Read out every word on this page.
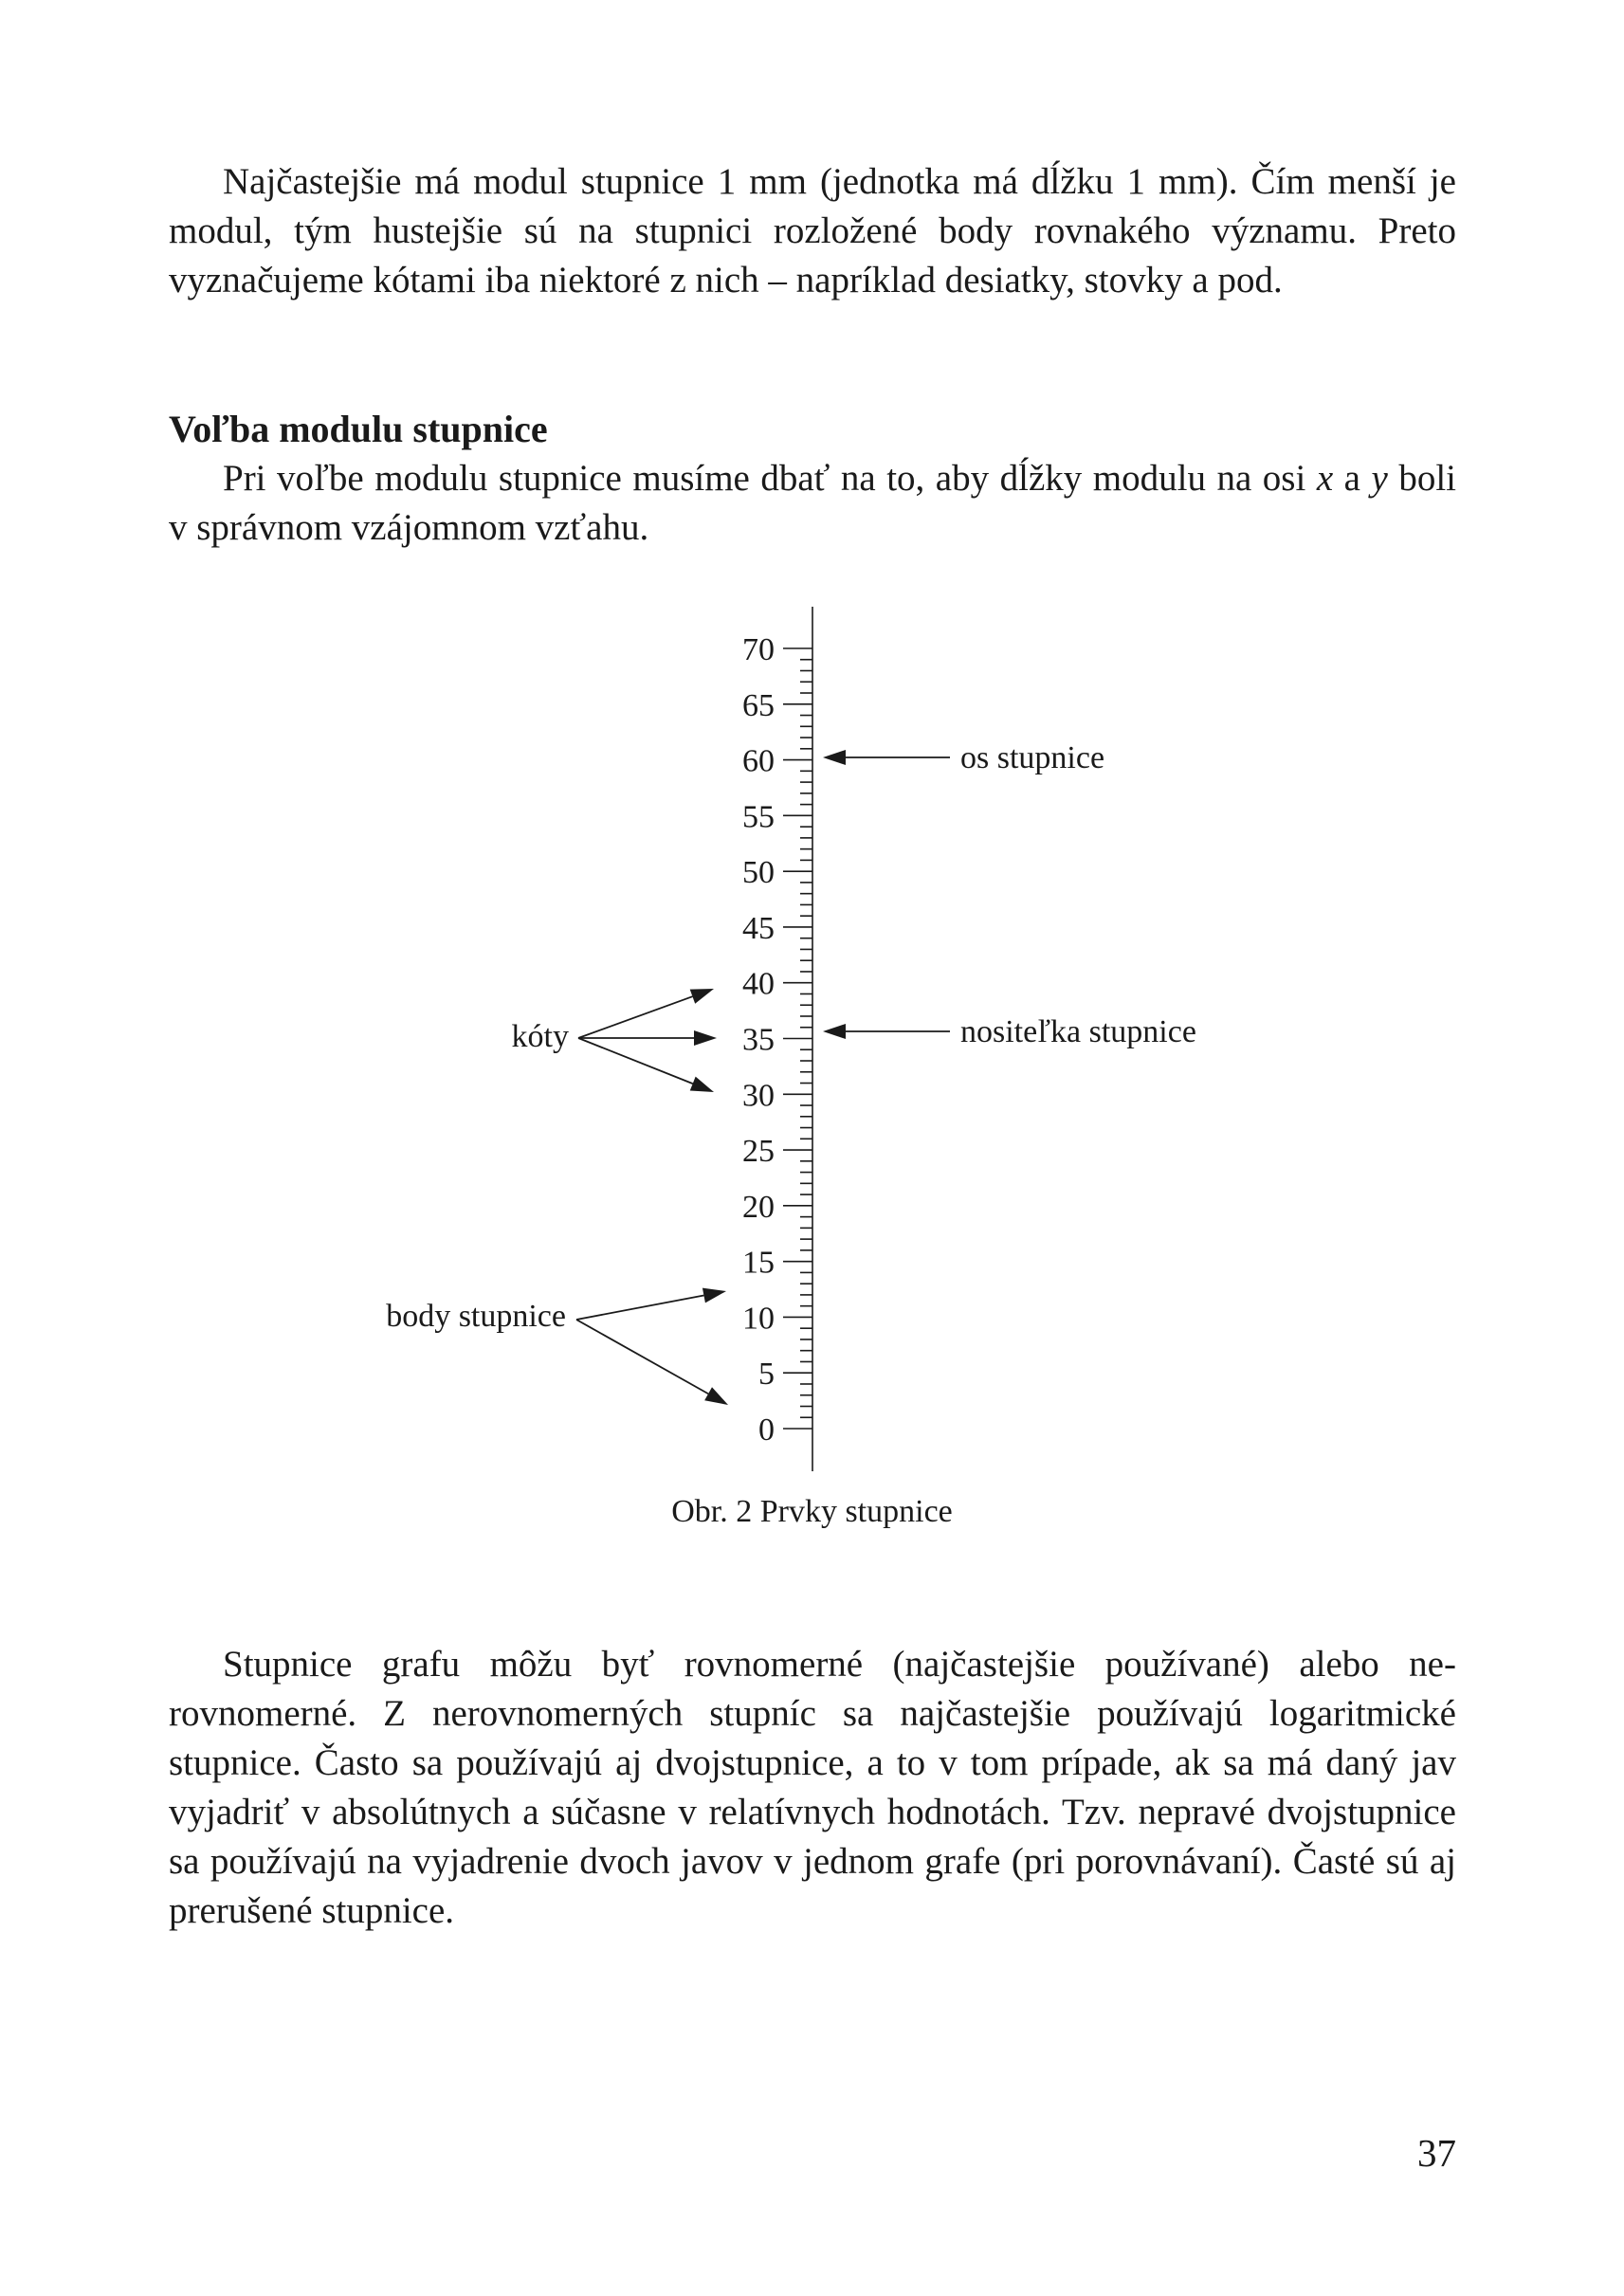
Najčastejšie má modul stupnice 1 mm (jednotka má dĺžku 1 mm). Čím menší je modul, tým hustejšie sú na stupnici rozložené body rovnakého významu. Preto vyznačujeme kótami iba niektoré z nich – napríklad desiatky, stovky a pod.

Voľba modulu stupnice

Pri voľbe modulu stupnice musíme dbať na to, aby dĺžky modulu na osi x a y boli v správnom vzájomnom vzťahu.

0
5
10
15
20
25
30
35
40
45
50
55
60
65
70
os stupnice
nositeľka stupnice
kóty
body stupnice

Obr. 2 Prvky stupnice

Stupnice grafu môžu byť rovnomerné (najčastejšie používané) alebo nerovnomerné. Z nerovnomerných stupníc sa najčastejšie používajú logaritmické stupnice. Často sa používajú aj dvojstupnice, a to v tom prípade, ak sa má daný jav vyjadriť v absolútnych a súčasne v relatívnych hodnotách. Tzv. nepravé dvojstupnice sa používajú na vyjadrenie dvoch javov v jednom grafe (pri porovnávaní). Časté sú aj prerušené stupnice.

37
